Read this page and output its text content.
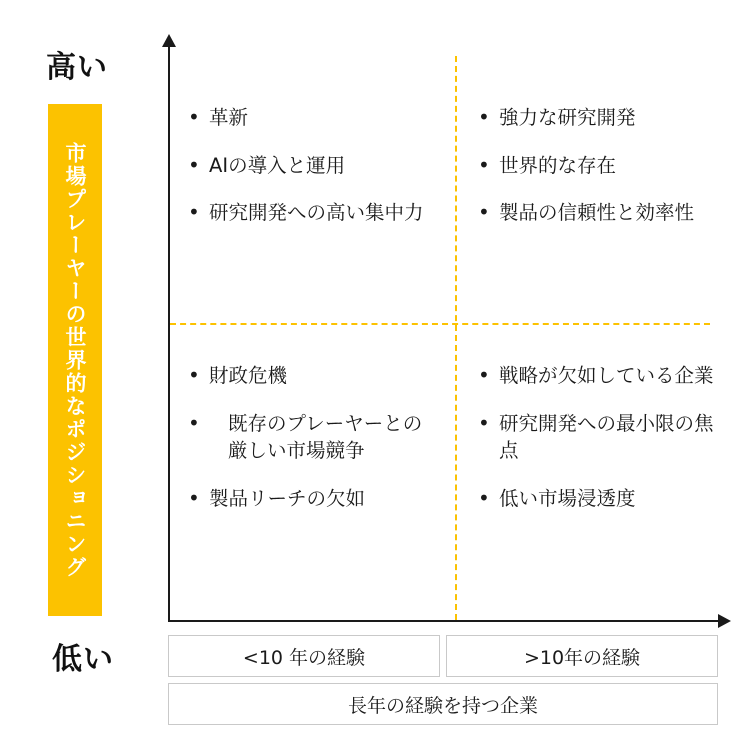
高い
低い
市場プレーヤーの世界的なポジショニング
• 革新
• AIの導入と運用
• 研究開発への高い集中力
• 強力な研究開発
• 世界的な存在
• 製品の信頼性と効率性
• 財政危機
• 既存のプレーヤーとの厳しい市場競争
• 製品リーチの欠如
• 戦略が欠如している企業
• 研究開発への最小限の焦点
• 低い市場浸透度
<10 年の経験	>10年の経験
長年の経験を持つ企業
